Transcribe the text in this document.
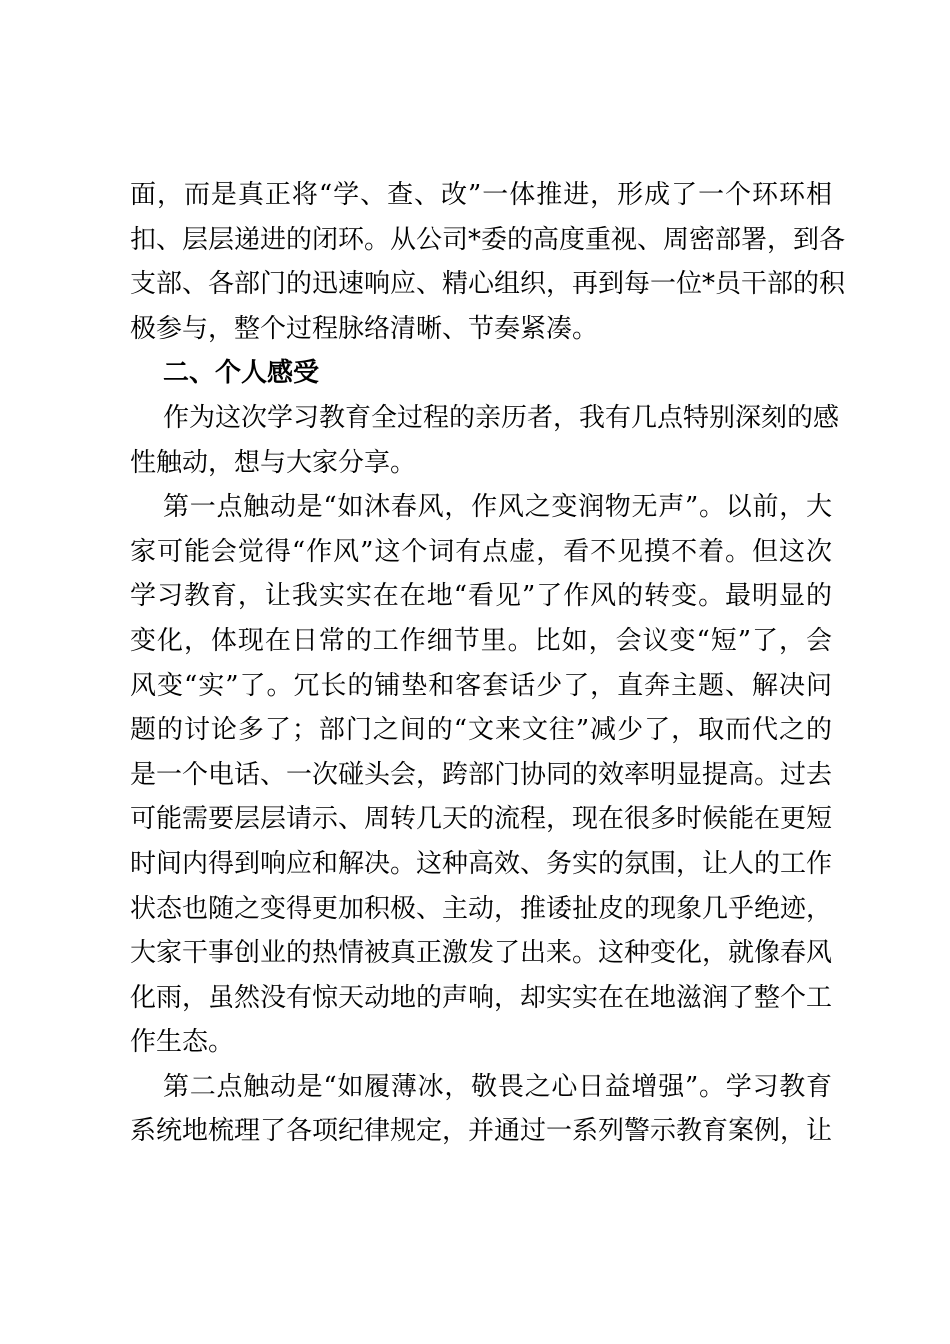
面，而是真正将“学、查、改”一体推进，形成了一个环环相
扣、层层递进的闭环。从公司*委的高度重视、周密部署，到各
支部、各部门的迅速响应、精心组织，再到每一位*员干部的积
极参与，整个过程脉络清晰、节奏紧凑。
二、个人感受
作为这次学习教育全过程的亲历者，我有几点特别深刻的感
性触动，想与大家分享。
第一点触动是“如沐春风，作风之变润物无声”。以前，大
家可能会觉得“作风”这个词有点虚，看不见摸不着。但这次
学习教育，让我实实在在地“看见”了作风的转变。最明显的
变化，体现在日常的工作细节里。比如，会议变“短”了，会
风变“实”了。冗长的铺垫和客套话少了，直奔主题、解决问
题的讨论多了；部门之间的“文来文往”减少了，取而代之的
是一个电话、一次碰头会，跨部门协同的效率明显提高。过去
可能需要层层请示、周转几天的流程，现在很多时候能在更短
时间内得到响应和解决。这种高效、务实的氛围，让人的工作
状态也随之变得更加积极、主动，推诿扯皮的现象几乎绝迹，
大家干事创业的热情被真正激发了出来。这种变化，就像春风
化雨，虽然没有惊天动地的声响，却实实在在地滋润了整个工
作生态。
第二点触动是“如履薄冰，敬畏之心日益增强”。学习教育
系统地梳理了各项纪律规定，并通过一系列警示教育案例，让
